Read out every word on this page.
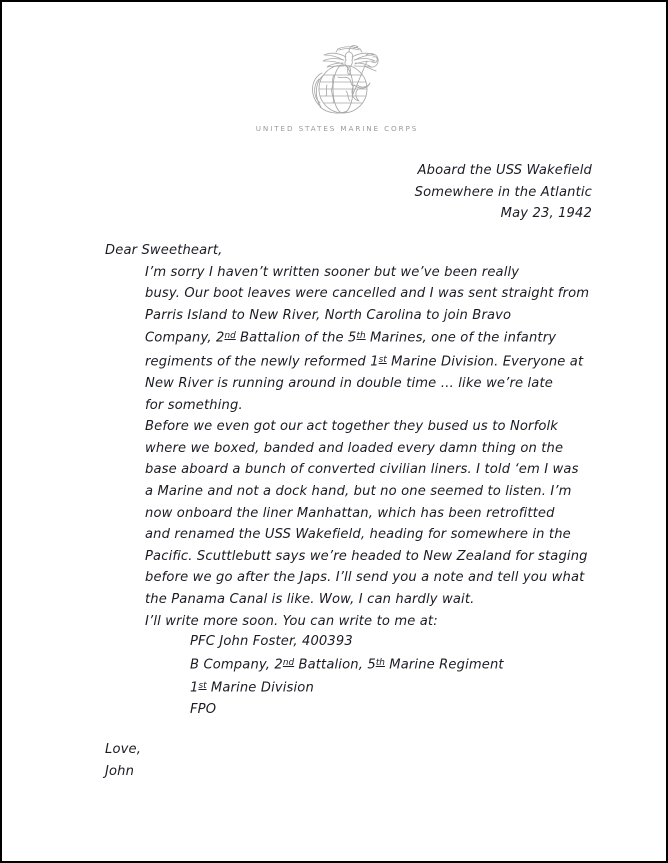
UNITED STATES MARINE CORPS
Aboard the USS Wakefield
Somewhere in the Atlantic
May 23, 1942
Dear Sweetheart,
I’m sorry I haven’t written sooner but we’ve been really
busy. Our boot leaves were cancelled and I was sent straight from
Parris Island to New River, North Carolina to join Bravo
Company, 2nd Battalion of the 5th Marines, one of the infantry
regiments of the newly reformed 1st Marine Division. Everyone at
New River is running around in double time … like we’re late
for something.
Before we even got our act together they bused us to Norfolk
where we boxed, banded and loaded every damn thing on the
base aboard a bunch of converted civilian liners. I told ‘em I was
a Marine and not a dock hand, but no one seemed to listen. I’m
now onboard the liner Manhattan, which has been retrofitted
and renamed the USS Wakefield, heading for somewhere in the
Pacific. Scuttlebutt says we’re headed to New Zealand for staging
before we go after the Japs. I’ll send you a note and tell you what
the Panama Canal is like. Wow, I can hardly wait.
I’ll write more soon. You can write to me at:
PFC John Foster, 400393
B Company, 2nd Battalion, 5th Marine Regiment
1st Marine Division
FPO
Love,
John
